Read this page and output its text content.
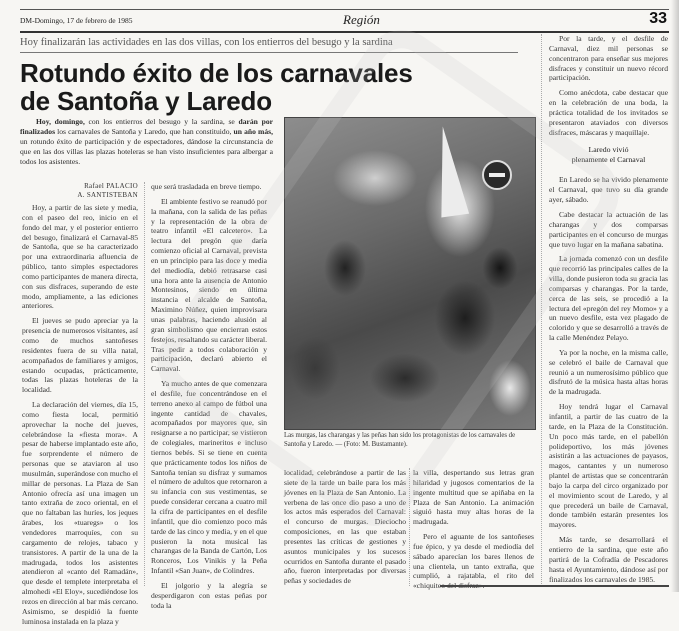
DM-Domingo, 17 de febrero de 1985	Región	33
Hoy finalizarán las actividades en las dos villas, con los entierros del besugo y la sardina
Rotundo éxito de los carnavales
de Santoña y Laredo
Hoy, domingo, con los entierros del besugo y la sardina, se darán por finalizados los carnavales de Santoña y Laredo, que han constituido, un año más, un rotundo éxito de participación y de espectadores, dándose la circunstancia de que en las dos villas las plazas hoteleras se han visto insuficientes para albergar a todos los asistentes.
Rafael PALACIO
A. SANTISTEBAN

Hoy, a partir de las siete y media, con el paseo del reo, inicio en el fondo del mar, y el posterior entierro del besugo, finalizará el Carnaval-85 de Santoña, que se ha caracterizado por una extraordinaria afluencia de público, tanto simples espectadores como participantes de manera directa, con sus disfraces, superando de este modo, ampliamente, a las ediciones anteriores.

El jueves se pudo apreciar ya la presencia de numerosos visitantes, así como de muchos santoñeses residentes fuera de su villa natal, acompañados de familiares y amigos, estando ocupadas, prácticamente, todas las plazas hoteleras de la localidad.

La declaración del viernes, día 15, como fiesta local, permitió aprovechar la noche del jueves, celebrándose la «fiesta mora». A pesar de haberse implantado este año, fue sorprendente el número de personas que se ataviaron al uso musulmán, superándose con mucho el millar de personas. La Plaza de San Antonio ofrecía así una imagen un tanto extraña de zoco oriental, en el que no faltaban las huríes, los jeques árabes, los «tuaregs» o los vendedores marroquíes, con su cargamento de relojes, tabaco y transistores. A partir de la una de la madrugada, todos los asistentes atendieron al «canto del Ramadán», que desde el templete interpretaba el almohedi «El Eloy», sucediéndose los rezos en dirección al bar más cercano. Asimismo, se despidió la fuente luminosa instalada en la plaza y

que será trasladada en breve tiempo.

El ambiente festivo se reanudó por la mañana, con la salida de las peñas y la representación de la obra de teatro infantil «El calcetero». La lectura del pregón que daría comienzo oficial al Carnaval, prevista en un principio para las doce y media del mediodía, debió retrasarse casi una hora ante la ausencia de Antonio Montesinos, siendo en última instancia el alcalde de Santoña, Maximino Núñez, quien improvisara unas palabras, haciendo alusión al gran simbolismo que encierran estos festejos, resaltando su carácter liberal. Tras pedir a todos colaboración y participación, declaró abierto el Carnaval.

Ya mucho antes de que comenzara el desfile, fue concentrándose en el terreno anexo al campo de fútbol una ingente cantidad de chavales, acompañados por mayores que, sin resignarse a no participar, se vistieron de colegiales, marineritos e incluso tiernos bebés. Si se tiene en cuenta que prácticamente todos los niños de Santoña tenían su disfraz y sumamos el número de adultos que retornaron a su infancia con sus vestimentas, se puede considerar cercana a cuatro mil la cifra de participantes en el desfile infantil, que dio comienzo poco más tarde de las cinco y media, y en el que pusieron la nota musical las charangas de la Banda de Cartón, Los Ronceros, Los Vinikis y la Peña Infantil «San Juan», de Colindres.

El jolgorio y la alegría se desperdigaron con estas peñas por toda la

Las murgas, las charangas y las peñas han sido los protagonistas de los carnavales de Santoña y Laredo. — (Foto: M. Bustamante).

localidad, celebrándose a partir de las siete de la tarde un baile para los más jóvenes en la Plaza de San Antonio. La verbena de las once dio paso a uno de los actos más esperados del Carnaval: el concurso de murgas. Dieciocho composiciones, en las que estaban presentes las críticas de gestiones y asuntos municipales y los sucesos ocurridos en Santoña durante el pasado año, fueron interpretadas por diversas peñas y sociedades de

la villa, despertando sus letras gran hilaridad y jugosos comentarios de la ingente multitud que se apiñaba en la Plaza de San Antonio. La animación siguió hasta muy altas horas de la madrugada.

Pero el aguante de los santoñeses fue épico, y ya desde el mediodía del sábado aparecían los bares llenos de una clientela, un tanto extraña, que cumplió, a rajatabla, el rito del «chiquiteo del disfraz».

Por la tarde, y el desfile de Carnaval, diez mil personas se concentraron para enseñar sus mejores disfraces y constituir un nuevo récord participación.

Como anécdota, cabe destacar que en la celebración de una boda, la práctica totalidad de los invitados se presentaron ataviados con diversos disfraces, máscaras y maquillaje.

Laredo vivió
plenamente el Carnaval

En Laredo se ha vivido plenamente el Carnaval, que tuvo su día grande ayer, sábado.

Cabe destacar la actuación de las charangas y dos comparsas participantes en el concurso de murgas que tuvo lugar en la mañana sabatina.

La jornada comenzó con un desfile que recorrió las principales calles de la villa, donde pusieron toda su gracia las comparsas y charangas. Por la tarde, cerca de las seis, se procedió a la lectura del «pregón del rey Momo» y a un nuevo desfile, esta vez plagado de colorido y que se desarrolló a través de la calle Menéndez Pelayo.

Ya por la noche, en la misma calle, se celebró el baile de Carnaval que reunió a un numerosísimo público que disfrutó de la música hasta altas horas de la madrugada.

Hoy tendrá lugar el Carnaval infantil, a partir de las cuatro de la tarde, en la Plaza de la Constitución. Un poco más tarde, en el pabellón polideportivo, los más jóvenes asistirán a las actuaciones de payasos, magos, cantantes y un numeroso plantel de artistas que se concentrarán bajo la carpa del circo organizado por el movimiento scout de Laredo, y al que precederá un baile de Carnaval, donde también estarán presentes los mayores.

Más tarde, se desarrollará el entierro de la sardina, que este año partirá de la Cofradía de Pescadores hasta el Ayuntamiento, dándose así por finalizados los carnavales de 1985.
